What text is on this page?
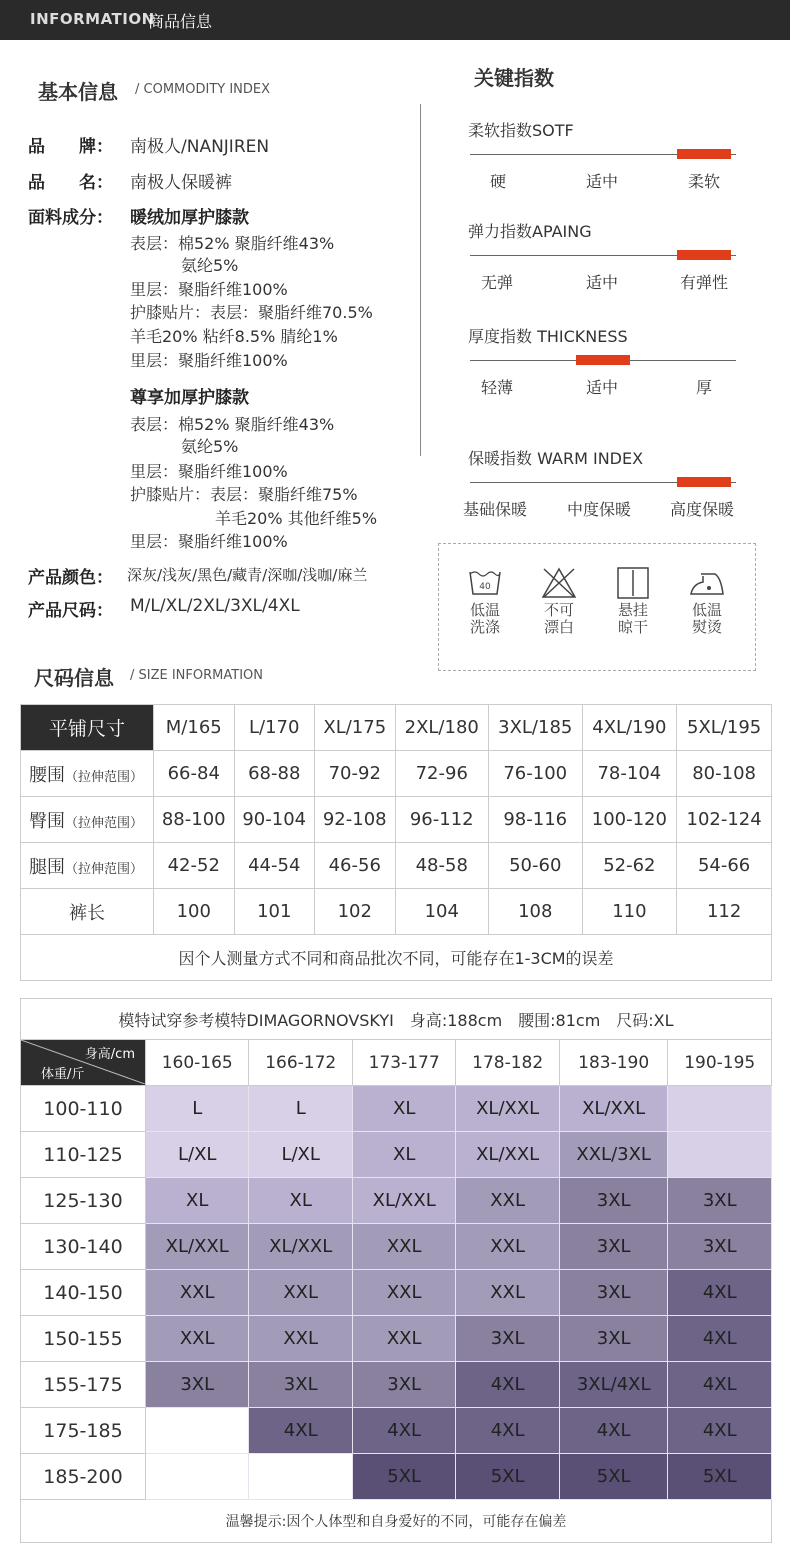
INFORMATION
商品信息
基本信息 / COMMODITY INDEX
品　　牌： 南极人/NANJIREN
品　　名： 南极人保暖裤
面料成分： 暖绒加厚护膝款
表层：棉52% 聚脂纤维43%
氨纶5%
里层：聚脂纤维100%
护膝贴片：表层：聚脂纤维70.5%
羊毛20% 粘纤8.5% 腈纶1%
里层：聚脂纤维100%
尊享加厚护膝款
表层：棉52% 聚脂纤维43%
氨纶5%
里层：聚脂纤维100%
护膝贴片：表层：聚脂纤维75%
羊毛20% 其他纤维5%
里层：聚脂纤维100%
产品颜色： 深灰/浅灰/黑色/藏青/深咖/浅咖/麻兰
产品尺码： M/L/XL/2XL/3XL/4XL
关键指数
柔软指数SOTF
硬	适中	柔软
弹力指数APAING
无弹	适中	有弹性
厚度指数 THICKNESS
轻薄	适中	厚
保暖指数 WARM INDEX
基础保暖 中度保暖 高度保暖
40
低温
洗涤
不可
漂白
悬挂
晾干
低温
熨烫
尺码信息 / SIZE INFORMATION
平铺尺寸	M/165	L/170	XL/175	2XL/180	3XL/185	4XL/190	5XL/195
腰围（拉伸范围）	66-84	68-88	70-92	72-96	76-100	78-104	80-108
臀围（拉伸范围）	88-100	90-104	92-108	96-112	98-116	100-120	102-124
腿围（拉伸范围）	42-52	44-54	46-56	48-58	50-60	52-62	54-66
裤长	100	101	102	104	108	110	112
因个人测量方式不同和商品批次不同，可能存在1-3CM的误差							
模特试穿参考模特DIMAGORNOVSKYI　身高:188cm　腰围:81cm　尺码:XL						

身高/cm
体重/斤	160-165	166-172	173-177	178-182	183-190	190-195
100-110	L	L	XL	XL/XXL	XL/XXL	
110-125	L/XL	L/XL	XL	XL/XXL	XXL/3XL	
125-130	XL	XL	XL/XXL	XXL	3XL	3XL
130-140	XL/XXL	XL/XXL	XXL	XXL	3XL	3XL
140-150	XXL	XXL	XXL	XXL	3XL	4XL
150-155	XXL	XXL	XXL	3XL	3XL	4XL
155-175	3XL	3XL	3XL	4XL	3XL/4XL	4XL
175-185		4XL	4XL	4XL	4XL	4XL
185-200			5XL	5XL	5XL	5XL
温馨提示:因个人体型和自身爱好的不同，可能存在偏差						
